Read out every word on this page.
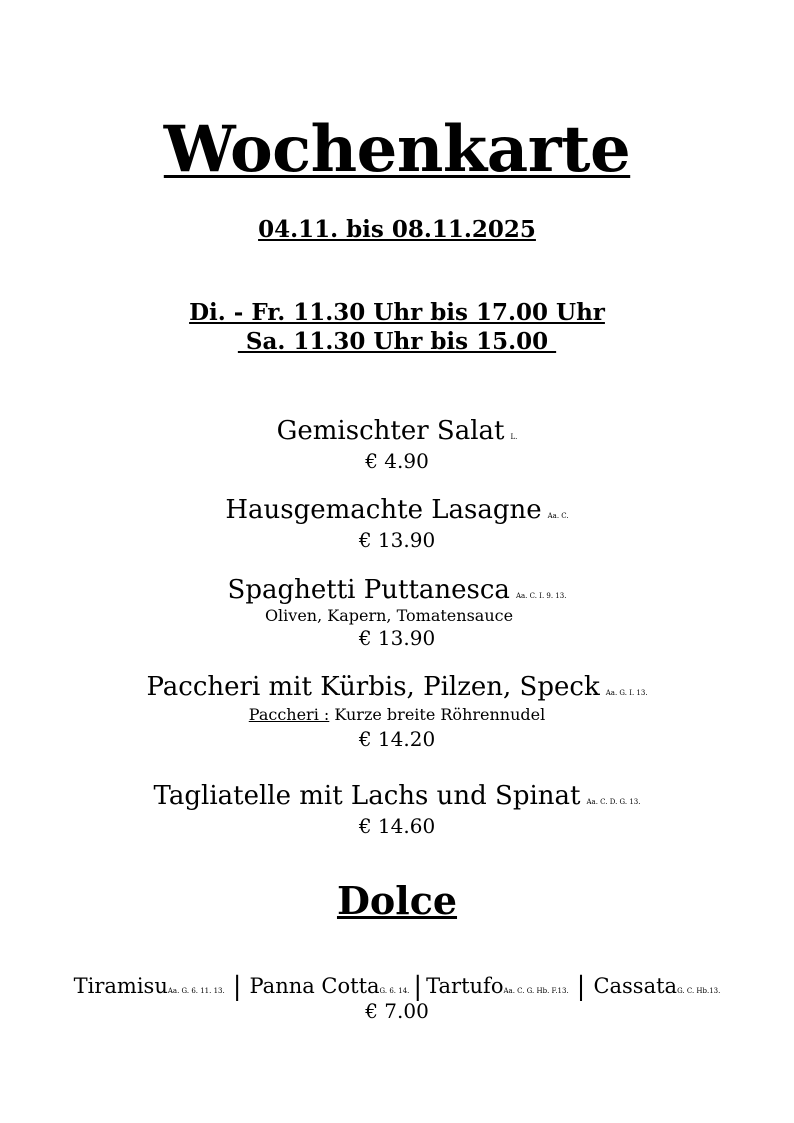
Wochenkarte
04.11. bis 08.11.2025
Di. - Fr. 11.30 Uhr bis 17.00 Uhr
Sa. 11.30 Uhr bis 15.00
Gemischter Salat L.
€ 4.90
Hausgemachte Lasagne Aa. C.
€ 13.90
Spaghetti Puttanesca Aa. C. I. 9. 13.
Oliven, Kapern, Tomatensauce
€ 13.90
Paccheri mit Kürbis, Pilzen, Speck Aa. G. I. 13.
Paccheri : Kurze breite Röhrennudel
€ 14.20
Tagliatelle mit Lachs und Spinat Aa. C. D. G. 13.
€ 14.60
Dolce
TiramisuAa. G. 6. 11. 13. | Panna CottaG. 6. 14. | TartufoAa. C. G. Hb. F.13. | CassataG. C. Hb.13.
€ 7.00
